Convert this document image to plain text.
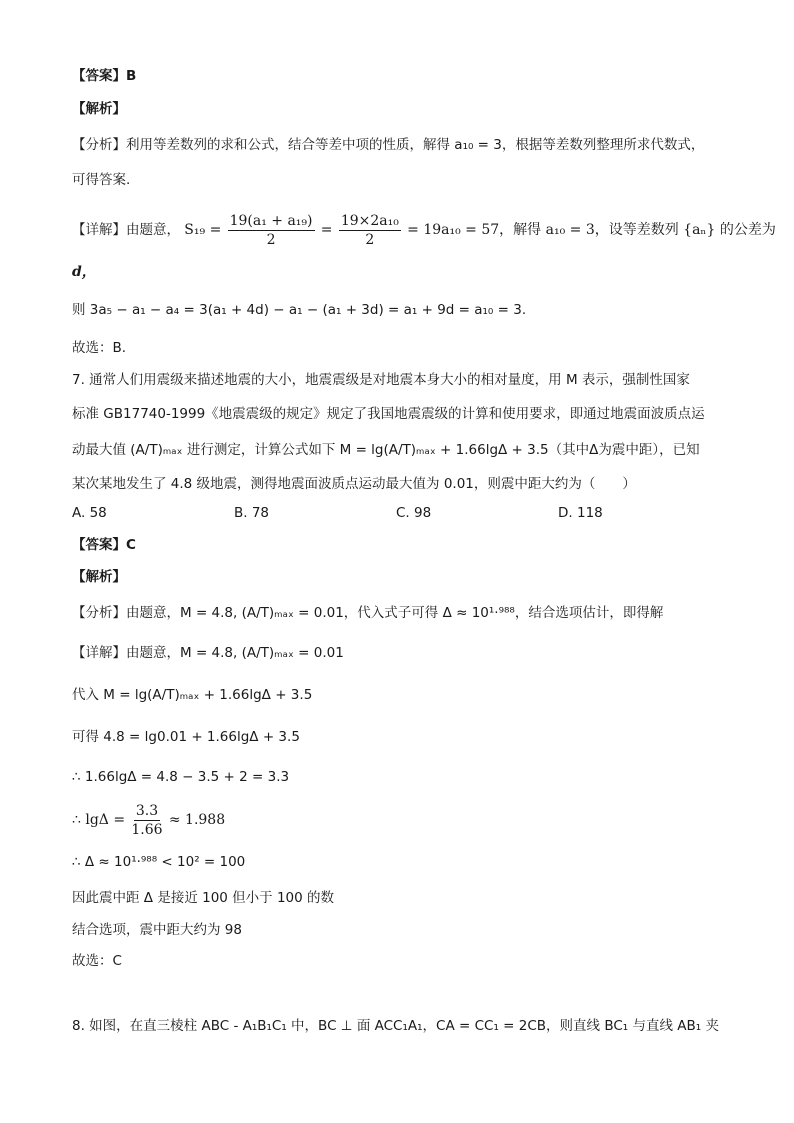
【答案】B
【解析】
【分析】利用等差数列的求和公式，结合等差中项的性质，解得 a₁₀ = 3，根据等差数列整理所求代数式，
可得答案.
【详解】由题意， $S_{19} = \frac{\text{19(a₁ + a₁₉)}}{2} = \frac{\text{19×2a₁₀}}{2} = 19a_{10} = 57$，解得 a₁₀ = 3，设等差数列 {aₙ} 的公差为
d，
则 3a₅ − a₁ − a₄ = 3(a₁ + 4d) − a₁ − (a₁ + 3d) = a₁ + 9d = a₁₀ = 3.
故选：B.
7. 通常人们用震级来描述地震的大小，地震震级是对地震本身大小的相对量度，用 M 表示，强制性国家
标准 GB17740-1999《地震震级的规定》规定了我国地震震级的计算和使用要求，即通过地震面波质点运
动最大值 (A/T)ₘₐₓ 进行测定，计算公式如下 M = lg(A/T)ₘₐₓ + 1.66lgΔ + 3.5（其中Δ为震中距），已知
某次某地发生了 4.8 级地震，测得地震面波质点运动最大值为 0.01，则震中距大约为（　　）
A. 58	B. 78	C. 98	D. 118
【答案】C
【解析】
【分析】由题意，M = 4.8, (A/T)ₘₐₓ = 0.01，代入式子可得 Δ ≈ 10¹·⁹⁸⁸，结合选项估计，即得解
【详解】由题意，M = 4.8, (A/T)ₘₐₓ = 0.01
代入 M = lg(A/T)ₘₐₓ + 1.66lgΔ + 3.5
可得 4.8 = lg0.01 + 1.66lgΔ + 3.5
∴ 1.66lgΔ = 4.8 − 3.5 + 2 = 3.3
∴ $\lg\Delta = \frac{3.3}{1.66} \approx 1.988$
∴ Δ ≈ 10¹·⁹⁸⁸ < 10² = 100
因此震中距 Δ 是接近 100 但小于 100 的数
结合选项，震中距大约为 98
故选：C
8. 如图，在直三棱柱 ABC - A₁B₁C₁ 中，BC ⊥ 面 ACC₁A₁，CA = CC₁ = 2CB，则直线 BC₁ 与直线 AB₁ 夹
